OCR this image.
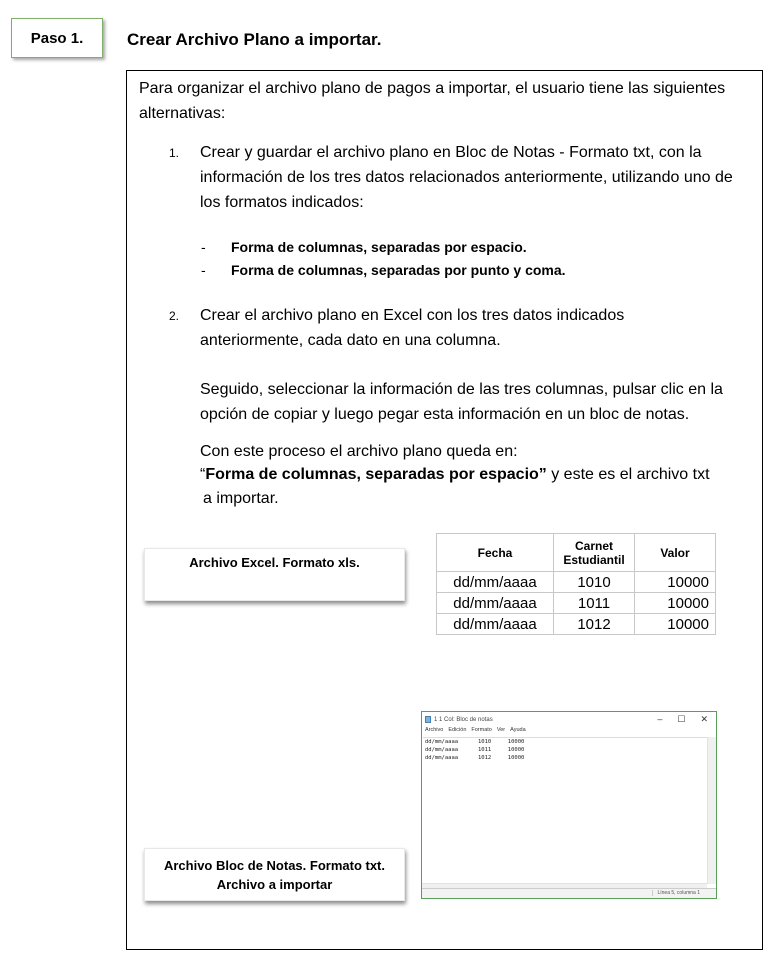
Paso 1.	Crear Archivo Plano a importar.
Para organizar el archivo plano de pagos a importar, el usuario tiene las siguientes alternativas:
1. Crear y guardar el archivo plano en Bloc de Notas - Formato txt, con la información de los tres datos relacionados anteriormente, utilizando uno de los formatos indicados:
- Forma de columnas, separadas por espacio.
- Forma de columnas, separadas por punto y coma.
2. Crear el archivo plano en Excel con los tres datos indicados anteriormente, cada dato en una columna.
Seguido, seleccionar la información de las tres columnas, pulsar clic en la opción de copiar y luego pegar esta información en un bloc de notas.
Con este proceso el archivo plano queda en:
“Forma de columnas, separadas por espacio” y este es el archivo txt
a importar.
Archivo Excel. Formato xls.
Fecha	Carnet Estudiantil	Valor
dd/mm/aaaa	1010	10000
dd/mm/aaaa	1011	10000
dd/mm/aaaa	1012	10000
Archivo Bloc de Notas. Formato txt.
Archivo a importar
1 1 Col: Bloc de notas	– ☐ ✕
Archivo Edición Formato Ver Ayuda
dd/mm/aaaa      1010     10000
dd/mm/aaaa      1011     10000
dd/mm/aaaa      1012     10000
Línea 5, columna 1
